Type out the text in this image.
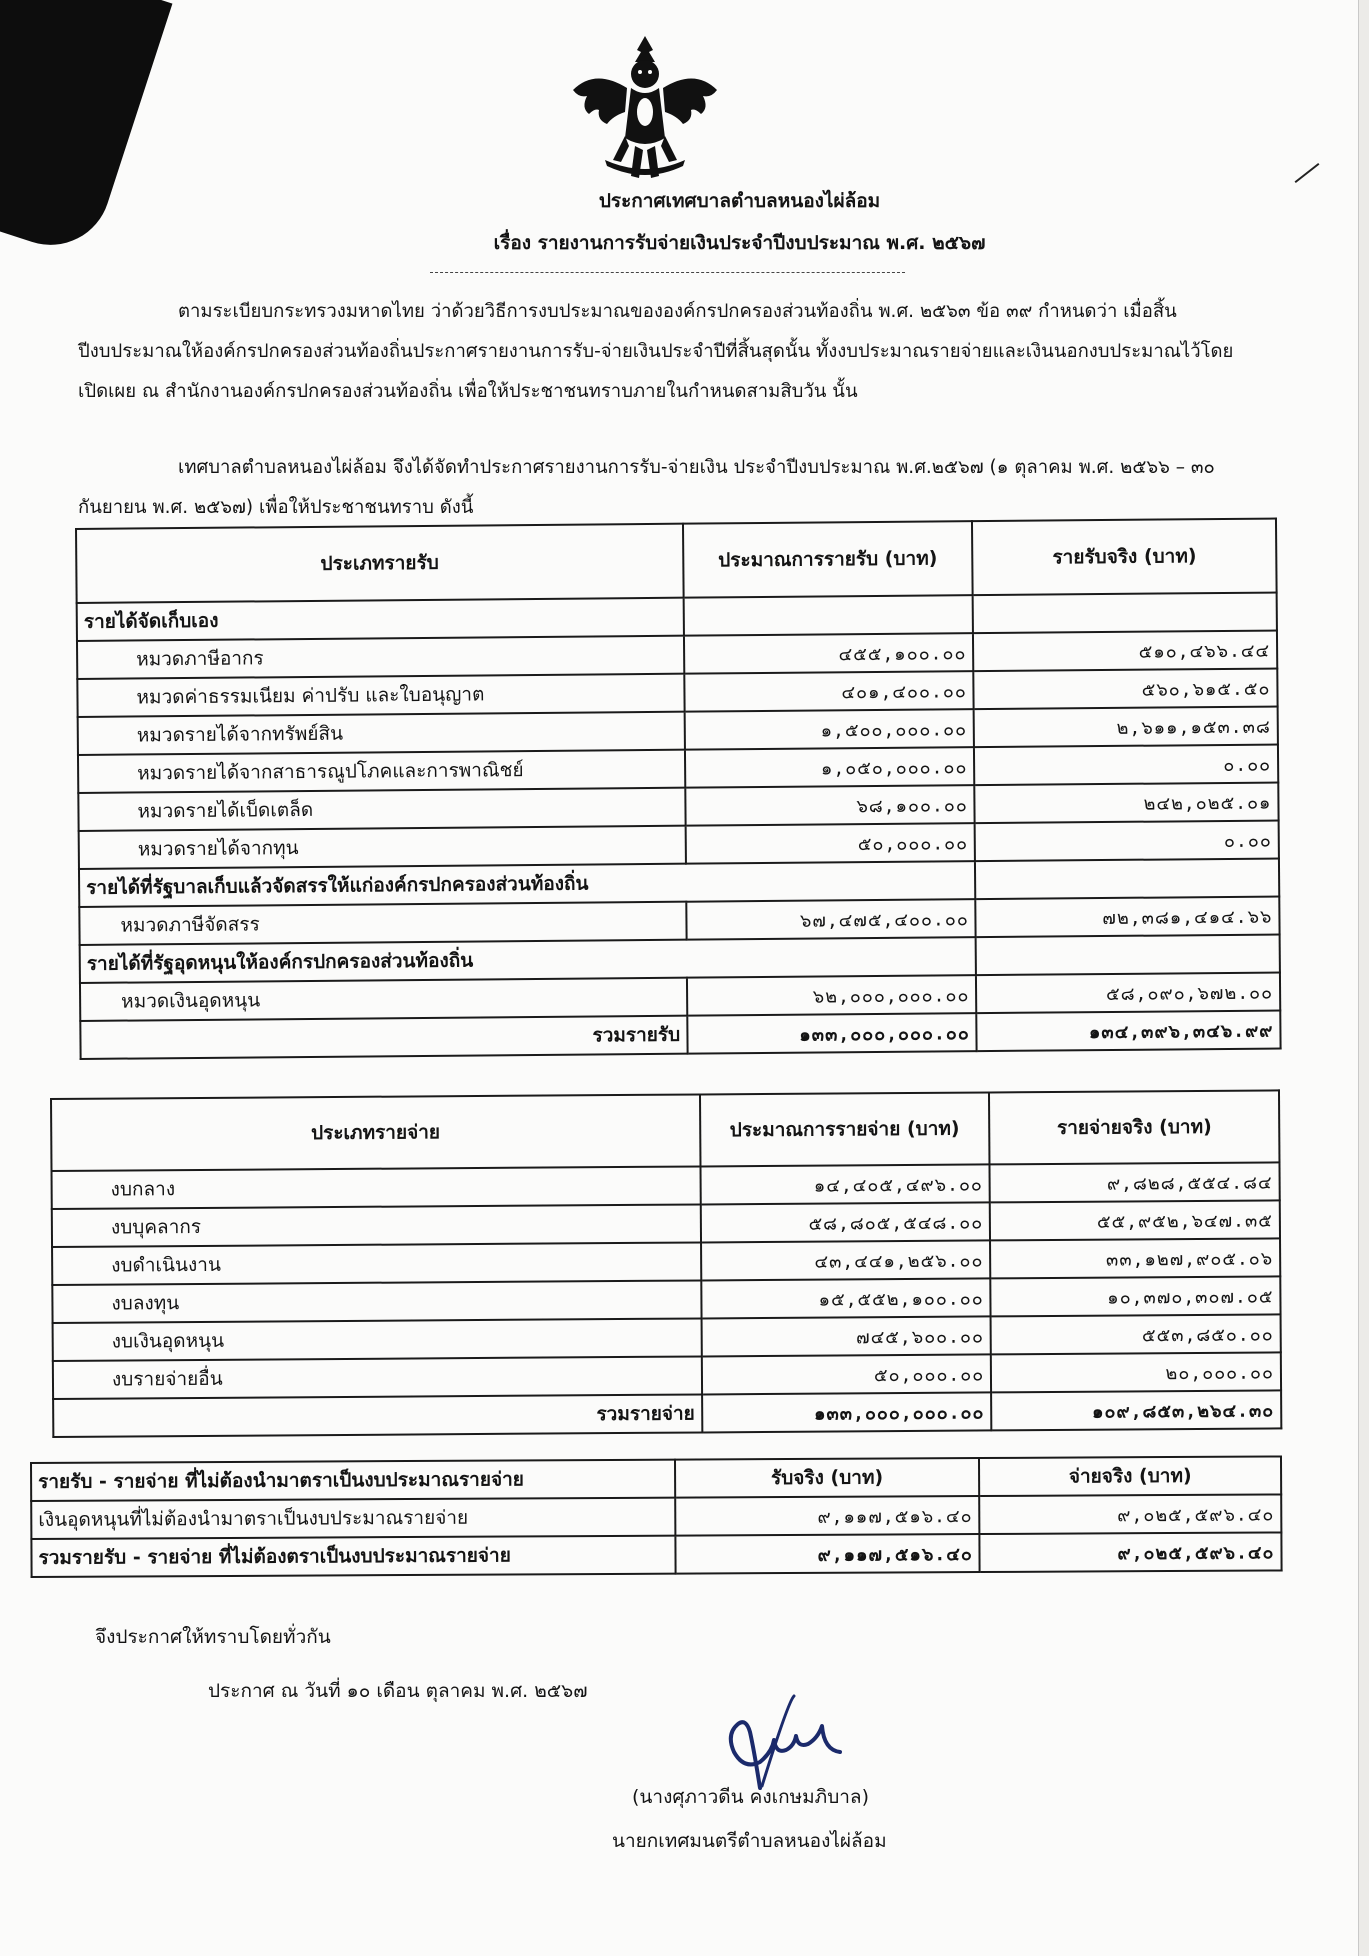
ประกาศเทศบาลตำบลหนองไผ่ล้อม
เรื่อง รายงานการรับจ่ายเงินประจำปีงบประมาณ พ.ศ. ๒๕๖๗
ตามระเบียบกระทรวงมหาดไทย ว่าด้วยวิธีการงบประมาณขององค์กรปกครองส่วนท้องถิ่น พ.ศ. ๒๕๖๓ ข้อ ๓๙ กำหนดว่า เมื่อสิ้นปีงบประมาณให้องค์กรปกครองส่วนท้องถิ่นประกาศรายงานการรับ-จ่ายเงินประจำปีที่สิ้นสุดนั้น ทั้งงบประมาณรายจ่ายและเงินนอกงบประมาณไว้โดยเปิดเผย ณ สำนักงานองค์กรปกครองส่วนท้องถิ่น เพื่อให้ประชาชนทราบภายในกำหนดสามสิบวัน นั้น
เทศบาลตำบลหนองไผ่ล้อม จึงได้จัดทำประกาศรายงานการรับ-จ่ายเงิน ประจำปีงบประมาณ พ.ศ.๒๕๖๗ (๑ ตุลาคม พ.ศ. ๒๕๖๖ – ๓๐ กันยายน พ.ศ. ๒๕๖๗) เพื่อให้ประชาชนทราบ ดังนี้
ประเภทรายรับ	ประมาณการรายรับ (บาท)	รายรับจริง (บาท)
รายได้จัดเก็บเอง		
หมวดภาษีอากร	๔๕๕,๑๐๐.๐๐	๕๑๐,๔๖๖.๔๔
หมวดค่าธรรมเนียม ค่าปรับ และใบอนุญาต	๔๐๑,๔๐๐.๐๐	๕๖๐,๖๑๕.๕๐
หมวดรายได้จากทรัพย์สิน	๑,๕๐๐,๐๐๐.๐๐	๒,๖๑๑,๑๕๓.๓๘
หมวดรายได้จากสาธารณูปโภคและการพาณิชย์	๑,๐๕๐,๐๐๐.๐๐	๐.๐๐
หมวดรายได้เบ็ดเตล็ด	๖๘,๑๐๐.๐๐	๒๔๒,๐๒๕.๐๑
หมวดรายได้จากทุน	๕๐,๐๐๐.๐๐	๐.๐๐
รายได้ที่รัฐบาลเก็บแล้วจัดสรรให้แก่องค์กรปกครองส่วนท้องถิ่น		
หมวดภาษีจัดสรร	๖๗,๔๗๕,๔๐๐.๐๐	๗๒,๓๘๑,๔๑๔.๖๖
รายได้ที่รัฐอุดหนุนให้องค์กรปกครองส่วนท้องถิ่น		
หมวดเงินอุดหนุน	๖๒,๐๐๐,๐๐๐.๐๐	๕๘,๐๙๐,๖๗๒.๐๐
รวมรายรับ	๑๓๓,๐๐๐,๐๐๐.๐๐	๑๓๔,๓๙๖,๓๔๖.๙๙
ประเภทรายจ่าย	ประมาณการรายจ่าย (บาท)	รายจ่ายจริง (บาท)
งบกลาง	๑๔,๔๐๕,๔๙๖.๐๐	๙,๘๒๘,๕๕๔.๘๔
งบบุคลากร	๕๘,๘๐๕,๕๔๘.๐๐	๕๕,๙๕๒,๖๔๗.๓๕
งบดำเนินงาน	๔๓,๔๔๑,๒๕๖.๐๐	๓๓,๑๒๗,๙๐๕.๐๖
งบลงทุน	๑๕,๕๕๒,๑๐๐.๐๐	๑๐,๓๗๐,๓๐๗.๐๕
งบเงินอุดหนุน	๗๔๕,๖๐๐.๐๐	๕๕๓,๘๕๐.๐๐
งบรายจ่ายอื่น	๕๐,๐๐๐.๐๐	๒๐,๐๐๐.๐๐
รวมรายจ่าย	๑๓๓,๐๐๐,๐๐๐.๐๐	๑๐๙,๘๕๓,๒๖๔.๓๐
รายรับ - รายจ่าย ที่ไม่ต้องนำมาตราเป็นงบประมาณรายจ่าย	รับจริง (บาท)	จ่ายจริง (บาท)
เงินอุดหนุนที่ไม่ต้องนำมาตราเป็นงบประมาณรายจ่าย	๙,๑๑๗,๕๑๖.๔๐	๙,๐๒๕,๕๙๖.๔๐
รวมรายรับ - รายจ่าย ที่ไม่ต้องตราเป็นงบประมาณรายจ่าย	๙,๑๑๗,๕๑๖.๔๐	๙,๐๒๕,๕๙๖.๔๐
จึงประกาศให้ทราบโดยทั่วกัน
ประกาศ ณ วันที่ ๑๐ เดือน ตุลาคม พ.ศ. ๒๕๖๗
(นางศุภาวดีน คงเกษมภิบาล)
นายกเทศมนตรีตำบลหนองไผ่ล้อม
